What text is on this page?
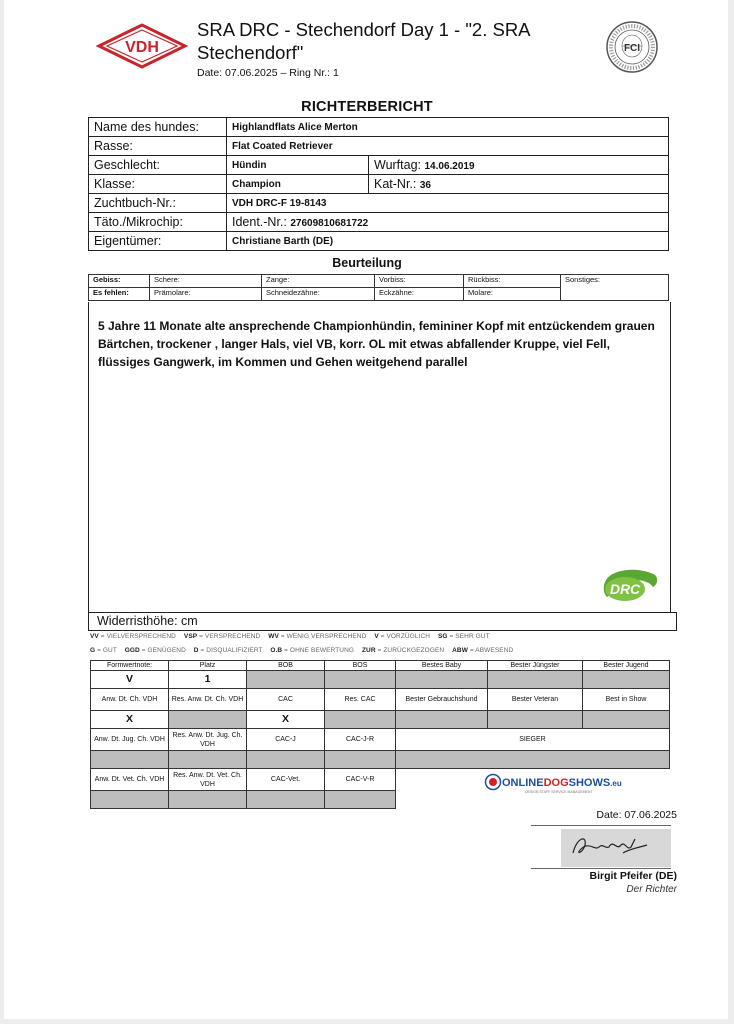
VDH
SRA DRC - Stechendorf Day 1 - "2. SRA Stechendorf"
Date: 07.06.2025 – Ring Nr.: 1
FCI
RICHTERBERICHT
Name des hundes:	Highlandflats Alice Merton	
Rasse:	Flat Coated Retriever	
Geschlecht:	Hündin	Wurftag: 14.06.2019
Klasse:	Champion	Kat-Nr.: 36
Zuchtbuch-Nr.:	VDH DRC-F 19-8143	
Täto./Mikrochip:	Ident.-Nr.: 27609810681722	
Eigentümer:	Christiane Barth (DE)	
Beurteilung
Gebiss:	Schere:	Zange:	Vorbiss:	Rückbiss:	Sonstiges:
Es fehlen:	Prämolare:	Schneidezähne:	Eckzähne:	Molare:	
5 Jahre 11 Monate alte ansprechende Championhündin, femininer Kopf mit entzückendem grauen Bärtchen, trockener , langer Hals, viel VB, korr. OL mit etwas abfallender Kruppe, viel Fell, flüssiges Gangwerk, im Kommen und Gehen weitgehend parallel
DRC
Widerristhöhe: cm
VV = VIELVERSPRECHEND VSP = VERSPRECHEND WV = WENIG VERSPRECHEND V = VORZÜGLICH SG = SEHR GUT
G = GUT GGD = GENÜGEND D = DISQUALIFIZIERT O.B = OHNE BEWERTUNG ZUR = ZURÜCKGEZOGEN ABW = ABWESEND
Formwertnote:	Platz	BOB	BOS	Bestes Baby	Bester Jüngster	Bester Jugend
V	1					
Anw. Dt. Ch. VDH	Res. Anw. Dt. Ch. VDH	CAC	Res. CAC	Bester Gebrauchshund	Bester Veteran	Best in Show
X		X				
Anw. Dt. Jug. Ch. VDH	Res. Anw. Dt. Jug. Ch. VDH	CAC-J	CAC-J-R	SIEGER		

Anw. Dt. Vet. Ch. VDH	Res. Anw. Dt. Vet. Ch. VDH	CAC-Vet.	CAC-V-R			
					ONLINEDOGSHOWS.eu
DESIGN STAFF SERVICE MANAGEMENT
Date: 07.06.2025
Birgit Pfeifer (DE)
Der Richter
